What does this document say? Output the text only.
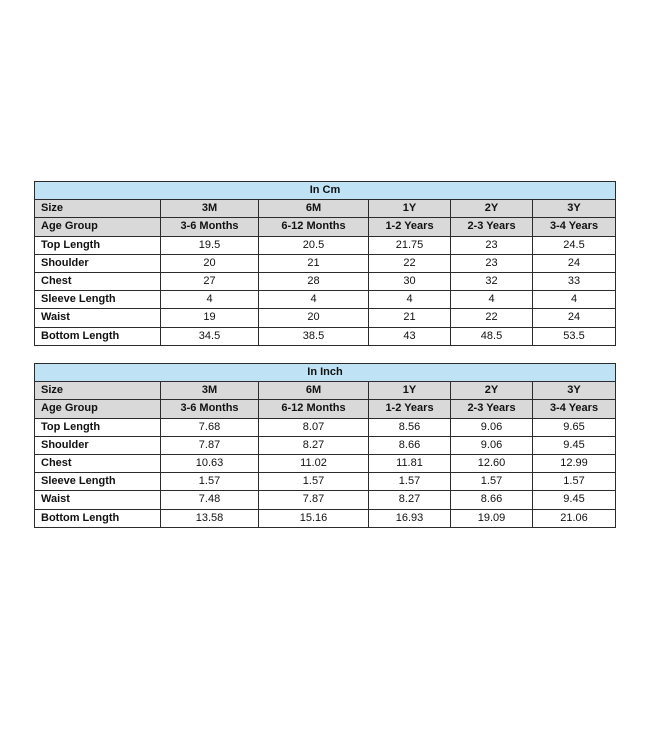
In Cm					
Size	3M	6M	1Y	2Y	3Y
Age Group	3-6 Months	6-12 Months	1-2 Years	2-3 Years	3-4 Years
Top Length	19.5	20.5	21.75	23	24.5
Shoulder	20	21	22	23	24
Chest	27	28	30	32	33
Sleeve Length	4	4	4	4	4
Waist	19	20	21	22	24
Bottom Length	34.5	38.5	43	48.5	53.5
In Inch					
Size	3M	6M	1Y	2Y	3Y
Age Group	3-6 Months	6-12 Months	1-2 Years	2-3 Years	3-4 Years
Top Length	7.68	8.07	8.56	9.06	9.65
Shoulder	7.87	8.27	8.66	9.06	9.45
Chest	10.63	11.02	11.81	12.60	12.99
Sleeve Length	1.57	1.57	1.57	1.57	1.57
Waist	7.48	7.87	8.27	8.66	9.45
Bottom Length	13.58	15.16	16.93	19.09	21.06
